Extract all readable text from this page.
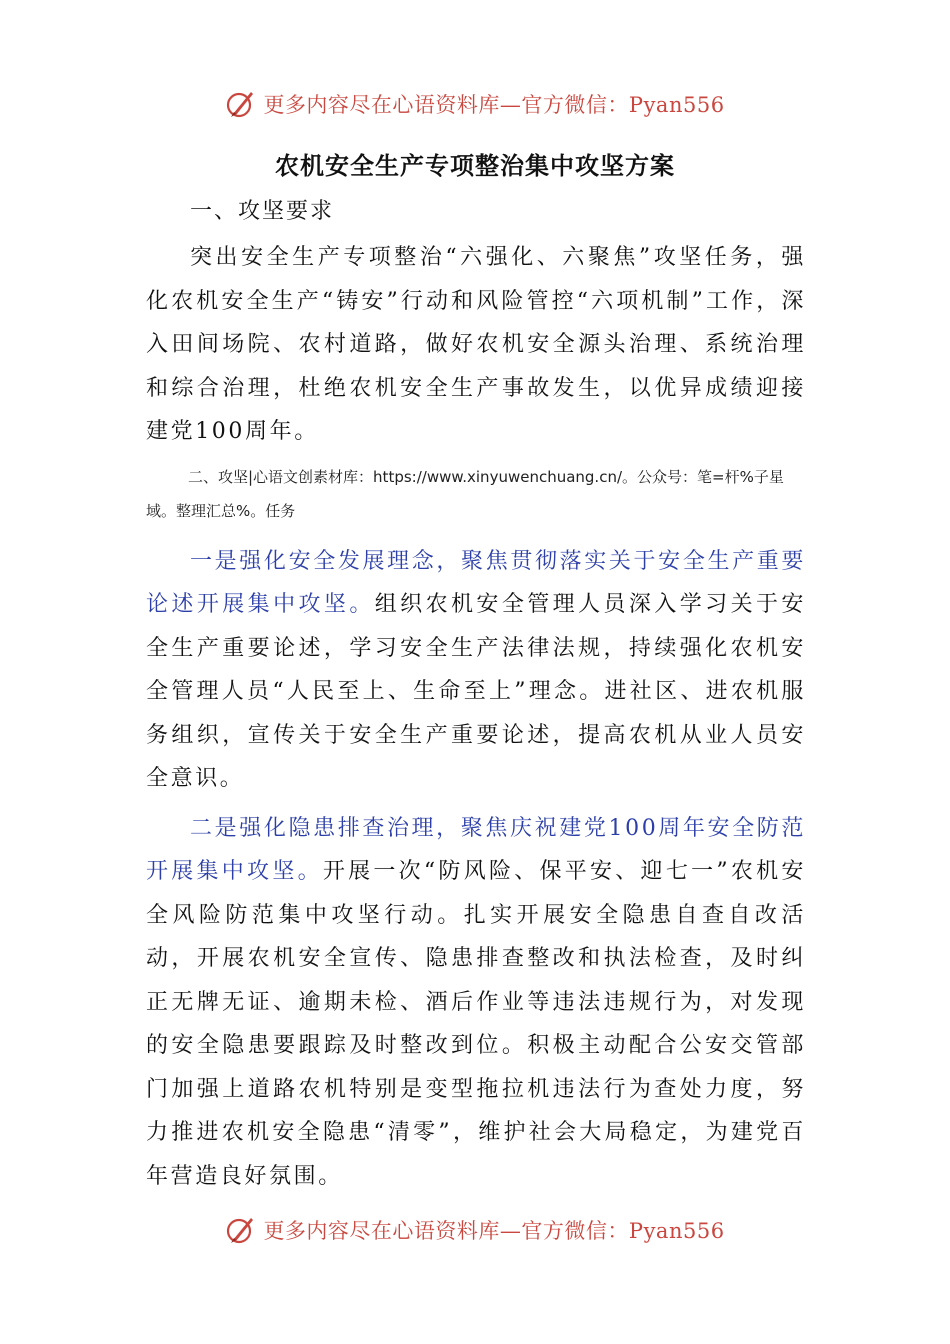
更多内容尽在心语资料库—官方微信：Pyan556
农机安全生产专项整治集中攻坚方案

一、攻坚要求

突出安全生产专项整治“六强化、六聚焦”攻坚任务，强化农机安全生产“铸安”行动和风险管控“六项机制”工作，深入田间场院、农村道路，做好农机安全源头治理、系统治理和综合治理，杜绝农机安全生产事故发生，以优异成绩迎接建党100周年。

二、攻坚|心语文创素材库：https://www.xinyuwenchuang.cn/。公众号：笔=杆%子星域。整理汇总%。任务

一是强化安全发展理念，聚焦贯彻落实关于安全生产重要论述开展集中攻坚。组织农机安全管理人员深入学习关于安全生产重要论述，学习安全生产法律法规，持续强化农机安全管理人员“人民至上、生命至上”理念。进社区、进农机服务组织，宣传关于安全生产重要论述，提高农机从业人员安全意识。

二是强化隐患排查治理，聚焦庆祝建党100周年安全防范开展集中攻坚。开展一次“防风险、保平安、迎七一”农机安全风险防范集中攻坚行动。扎实开展安全隐患自查自改活动，开展农机安全宣传、隐患排查整改和执法检查，及时纠正无牌无证、逾期未检、酒后作业等违法违规行为，对发现的安全隐患要跟踪及时整改到位。积极主动配合公安交管部门加强上道路农机特别是变型拖拉机违法行为查处力度，努力推进农机安全隐患“清零”，维护社会大局稳定，为建党百年营造良好氛围。

更多内容尽在心语资料库—官方微信：Pyan556
